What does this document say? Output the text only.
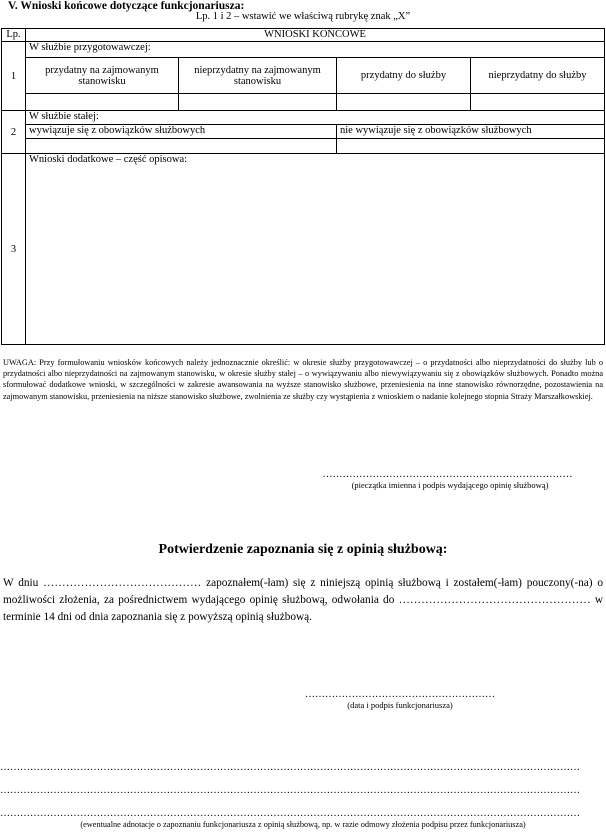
V. Wnioski końcowe dotyczące funkcjonariusza:
Lp. 1 i 2 – wstawić we właściwą rubrykę znak „X”
Lp.	WNIOSKI KOŃCOWE			
1	W służbie przygotowawczej:			
	przydatny na zajmowanym stanowisku	nieprzydatny na zajmowanym stanowisku	przydatny do służby	nieprzydatny do służby

2	W służbie stałej:			
	wywiązuje się z obowiązków służbowych		nie wywiązuje się z obowiązków służbowych	

3	Wnioski dodatkowe – część opisowa:			
UWAGA: Przy formułowaniu wniosków końcowych należy jednoznacznie określić: w okresie służby przygotowawczej – o przydatności albo nieprzydatności do służby lub o przydatności albo nieprzydatności na zajmowanym stanowisku, w okresie służby stałej – o wywiązywaniu albo niewywiązywaniu się z obowiązków służbowych. Ponadto można sformułować dodatkowe wnioski, w szczególności w zakresie awansowania na wyższe stanowisko służbowe, przeniesienia na inne stanowisko równorzędne, pozostawienia na zajmowanym stanowisku, przeniesienia na niższe stanowisko służbowe, zwolnienia ze służby czy wystąpienia z wnioskiem o nadanie kolejnego stopnia Straży Marszałkowskiej.
…………………………………………………………………
(pieczątka imienna i podpis wydającego opinię służbową)
Potwierdzenie zapoznania się z opinią służbową:
W dniu …………………………………… zapoznałem(-łam) się z niniejszą opinią służbową i zostałem(-łam) pouczony(-na) o możliwości złożenia, za pośrednictwem wydającego opinię służbową, odwołania do …………………………………………… w terminie 14 dni od dnia zapoznania się z powyższą opinią służbową.
…………………………………………………
(data i podpis funkcjonariusza)
…………………………………………………………………………………………………………………………………………………………
…………………………………………………………………………………………………………………………………………………………
…………………………………………………………………………………………………………………………………………………………
(ewentualne adnotacje o zapoznaniu funkcjonariusza z opinią służbową, np. w razie odmowy złożenia podpisu przez funkcjonariusza)
